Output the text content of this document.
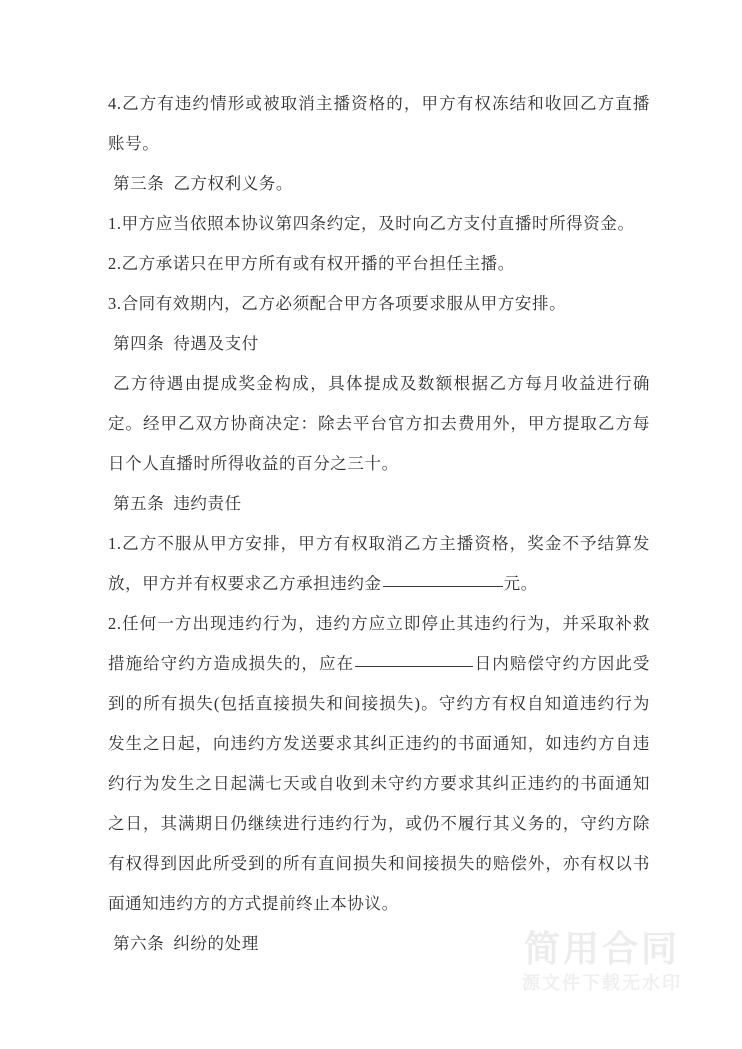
4.乙方有违约情形或被取消主播资格的，甲方有权冻结和收回乙方直播账号。

第三条 乙方权利义务。

1.甲方应当依照本协议第四条约定，及时向乙方支付直播时所得资金。

2.乙方承诺只在甲方所有或有权开播的平台担任主播。

3.合同有效期内，乙方必须配合甲方各项要求服从甲方安排。

第四条 待遇及支付

乙方待遇由提成奖金构成，具体提成及数额根据乙方每月收益进行确定。经甲乙双方协商决定：除去平台官方扣去费用外，甲方提取乙方每日个人直播时所得收益的百分之三十。

第五条 违约责任

1.乙方不服从甲方安排，甲方有权取消乙方主播资格，奖金不予结算发放，甲方并有权要求乙方承担违约金	元。

2.任何一方出现违约行为，违约方应立即停止其违约行为，并采取补救措施给守约方造成损失的，应在	日内赔偿守约方因此受到的所有损失(包括直接损失和间接损失)。守约方有权自知道违约行为发生之日起，向违约方发送要求其纠正违约的书面通知，如违约方自违约行为发生之日起满七天或自收到未守约方要求其纠正违约的书面通知之日，其满期日仍继续进行违约行为，或仍不履行其义务的，守约方除有权得到因此所受到的所有直间损失和间接损失的赔偿外，亦有权以书面通知违约方的方式提前终止本协议。

第六条 纠纷的处理	简用合同
源文件下载无水印
